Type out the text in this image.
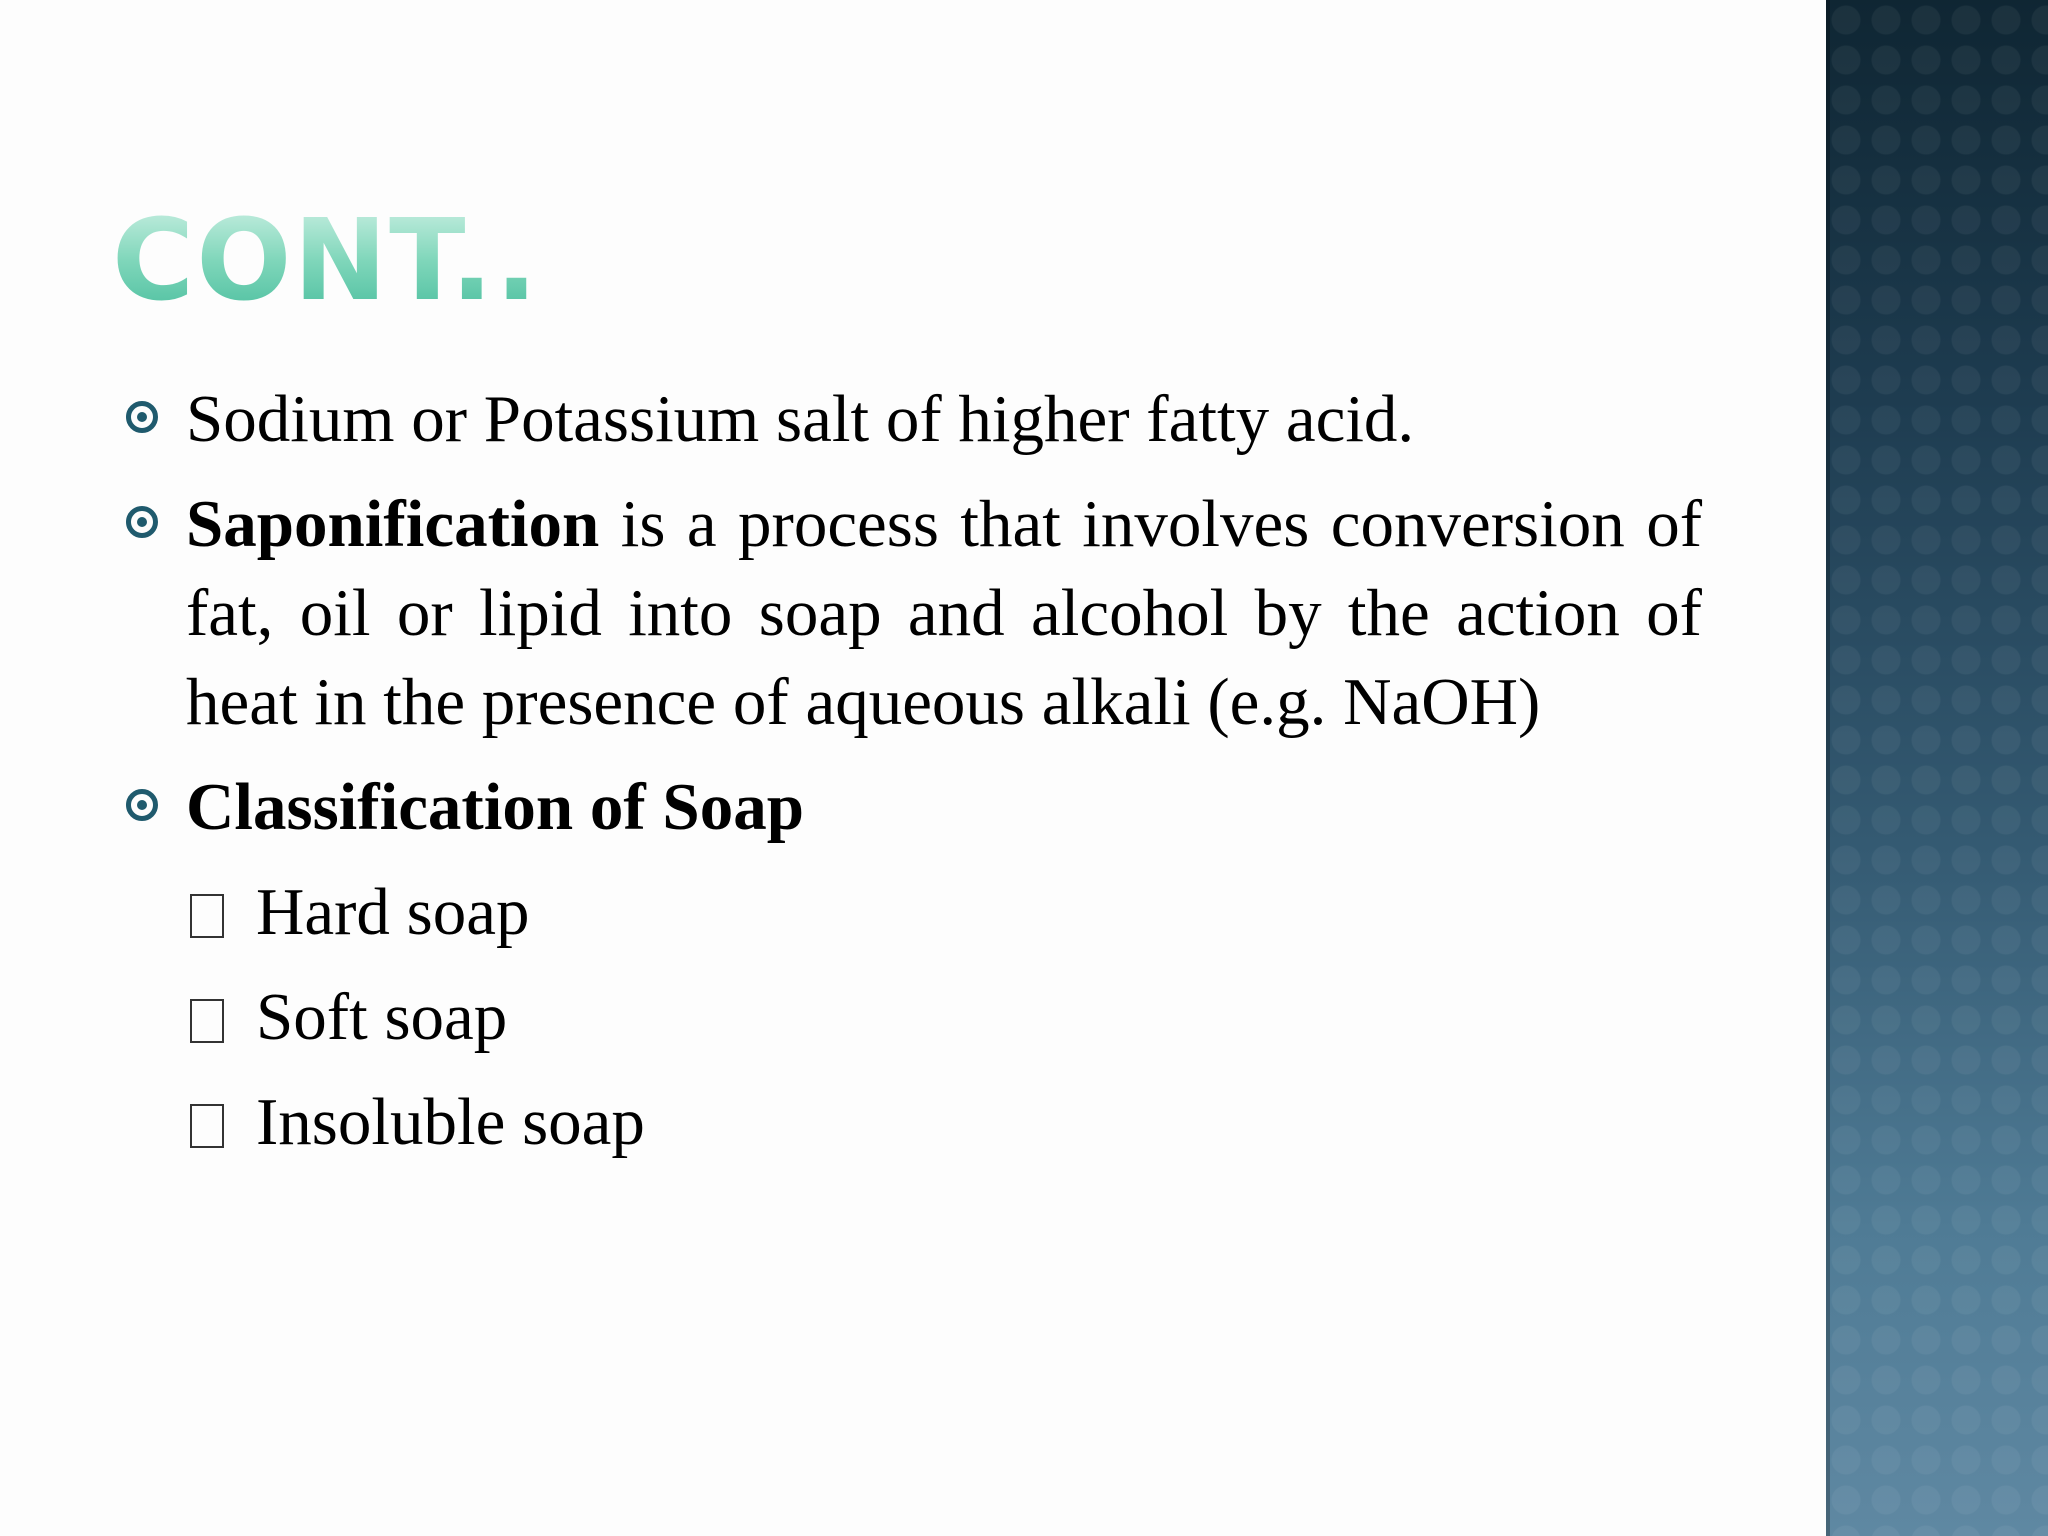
CONT..
Sodium or Potassium salt of higher fatty acid.
Saponification is a process that involves conversion of fat, oil or lipid into soap and alcohol by the action of heat in the presence of aqueous alkali (e.g. NaOH)
Classification of Soap
Hard soap
Soft soap
Insoluble soap
